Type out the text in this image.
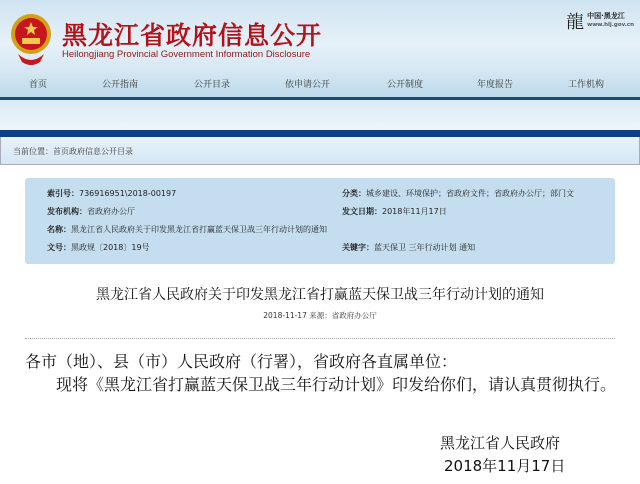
黑龙江省政府信息公开
Heilongjiang Provincial Government Information Disclosure
龍 中国·黑龙江
www.hlj.gov.cn
首页	公开指南	公开目录	依申请公开	公开制度	年度报告	工作机构
当前位置：首页政府信息公开目录
索引号：736916951\2018-00197	分类：城乡建设、环境保护；省政府文件；省政府办公厅；部门文
发布机构：省政府办公厅	发文日期：2018年11月17日
名称：黑龙江省人民政府关于印发黑龙江省打赢蓝天保卫战三年行动计划的通知
文号：黑政规〔2018〕19号	关键字：蓝天保卫 三年行动计划 通知
黑龙江省人民政府关于印发黑龙江省打赢蓝天保卫战三年行动计划的通知
2018-11-17 来源：省政府办公厅
各市（地）、县（市）人民政府（行署），省政府各直属单位：
现将《黑龙江省打赢蓝天保卫战三年行动计划》印发给你们，请认真贯彻执行。
黑龙江省人民政府
2018年11月17日
